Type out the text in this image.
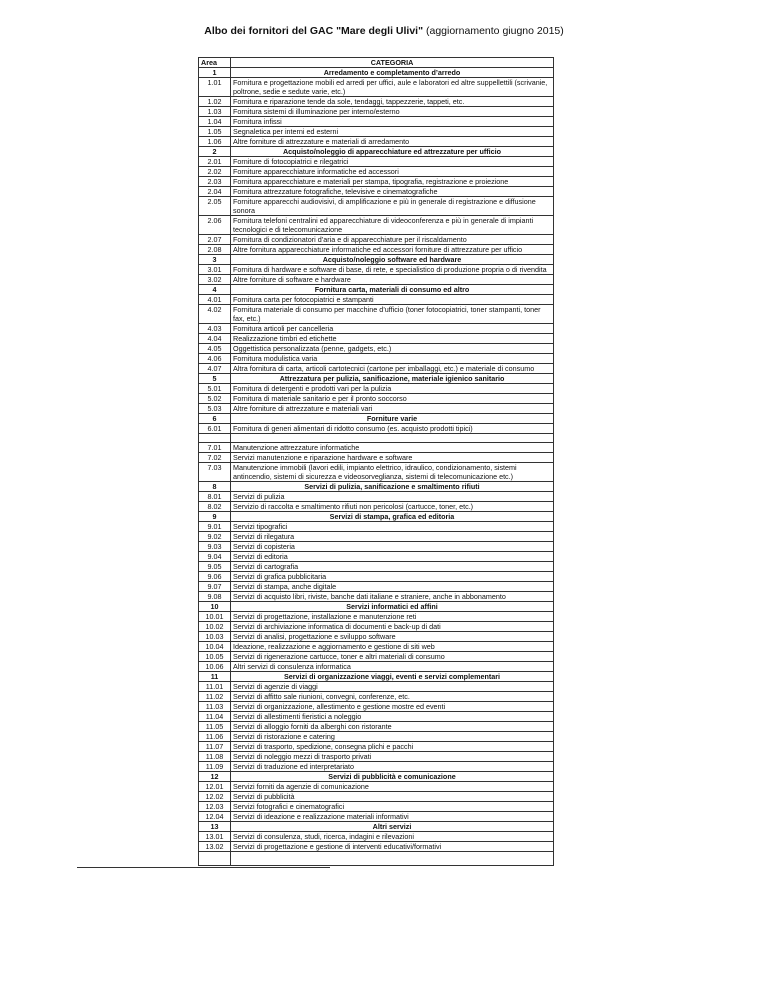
Albo dei fornitori del GAC "Mare degli Ulivi" (aggiornamento giugno 2015)
Area	CATEGORIA
1	Arredamento e completamento d’arredo
1.01	Fornitura e progettazione mobili ed arredi per uffici, aule e laboratori ed altre suppellettili (scrivanie, poltrone, sedie e sedute varie, etc.)
1.02	Fornitura e riparazione tende da sole, tendaggi, tappezzerie, tappeti, etc.
1.03	Fornitura sistemi di illuminazione per interno/esterno
1.04	Fornitura infissi
1.05	Segnaletica per interni ed esterni
1.06	Altre forniture di attrezzature e materiali di arredamento
2	Acquisto/noleggio di apparecchiature ed attrezzature per ufficio
2.01	Forniture di fotocopiatrici e rilegatrici
2.02	Forniture apparecchiature informatiche ed accessori
2.03	Fornitura apparecchiature e materiali per stampa, tipografia, registrazione e proiezione
2.04	Fornitura attrezzature fotografiche, televisive e cinematografiche
2.05	Forniture apparecchi audiovisivi, di amplificazione e più in generale di registrazione e diffusione sonora
2.06	Fornitura telefoni centralini ed apparecchiature di videoconferenza e più in generale di impianti tecnologici e di telecomunicazione
2.07	Fornitura di condizionatori d’aria e di apparecchiature per il riscaldamento
2.08	Altre fornitura apparecchiature informatiche ed accessori forniture di attrezzature per ufficio
3	Acquisto/noleggio software ed hardware
3.01	Fornitura di hardware e software di base, di rete, e specialistico di produzione propria o di rivendita
3.02	Altre forniture di software e hardware
4	Fornitura carta, materiali di consumo ed altro
4.01	Fornitura carta per fotocopiatrici e stampanti
4.02	Fornitura materiale di consumo per macchine d’ufficio (toner fotocopiatrici, toner stampanti, toner fax, etc.)
4.03	Fornitura articoli per cancelleria
4.04	Realizzazione timbri ed etichette
4.05	Oggettistica personalizzata (penne, gadgets, etc.)
4.06	Fornitura modulistica varia
4.07	Altra fornitura di carta, articoli cartotecnici (cartone per imballaggi, etc.) e materiale di consumo
5	Attrezzatura per pulizia, sanificazione, materiale igienico sanitario
5.01	Fornitura di detergenti e prodotti vari per la pulizia
5.02	Fornitura di materiale sanitario e per il pronto soccorso
5.03	Altre forniture di attrezzature e materiali vari
6	Forniture varie
6.01	Fornitura di generi alimentari di ridotto consumo (es. acquisto prodotti tipici)

7.01	Manutenzione attrezzature informatiche
7.02	Servizi manutenzione e riparazione hardware e software
7.03	Manutenzione immobili (lavori edili, impianto elettrico, idraulico, condizionamento, sistemi antincendio, sistemi di sicurezza e videosorveglianza, sistemi di telecomunicazione etc.)
8	Servizi di pulizia, sanificazione e smaltimento rifiuti
8.01	Servizi di pulizia
8.02	Servizio di raccolta e smaltimento rifiuti non pericolosi (cartucce, toner, etc.)
9	Servizi di stampa, grafica ed editoria
9.01	Servizi tipografici
9.02	Servizi di rilegatura
9.03	Servizi di copisteria
9.04	Servizi di editoria
9.05	Servizi di cartografia
9.06	Servizi di grafica pubblicitaria
9.07	Servizi di stampa, anche digitale
9.08	Servizi di acquisto libri, riviste, banche dati italiane e straniere, anche in abbonamento
10	Servizi informatici ed affini
10.01	Servizi di progettazione, installazione e manutenzione reti
10.02	Servizi di archiviazione informatica di documenti e back-up di dati
10.03	Servizi di analisi, progettazione e sviluppo software
10.04	Ideazione, realizzazione e aggiornamento e gestione di siti web
10.05	Servizi di rigenerazione cartucce, toner e altri materiali di consumo
10.06	Altri servizi di consulenza informatica
11	Servizi di organizzazione viaggi, eventi e servizi complementari
11.01	Servizi di agenzie di viaggi
11.02	Servizi di affitto sale riunioni, convegni, conferenze, etc.
11.03	Servizi di organizzazione, allestimento e gestione mostre ed eventi
11.04	Servizi di allestimenti fieristici a noleggio
11.05	Servizi di alloggio forniti da alberghi con ristorante
11.06	Servizi di ristorazione e catering
11.07	Servizi di trasporto, spedizione, consegna plichi e pacchi
11.08	Servizi di noleggio mezzi di trasporto privati
11.09	Servizi di traduzione ed interpretariato
12	Servizi di pubblicità e comunicazione
12.01	Servizi forniti da agenzie di comunicazione
12.02	Servizi di pubblicità
12.03	Servizi fotografici e cinematografici
12.04	Servizi di ideazione e realizzazione materiali informativi
13	Altri servizi
13.01	Servizi di consulenza, studi, ricerca, indagini e rilevazioni
13.02	Servizi di progettazione e gestione di interventi educativi/formativi
